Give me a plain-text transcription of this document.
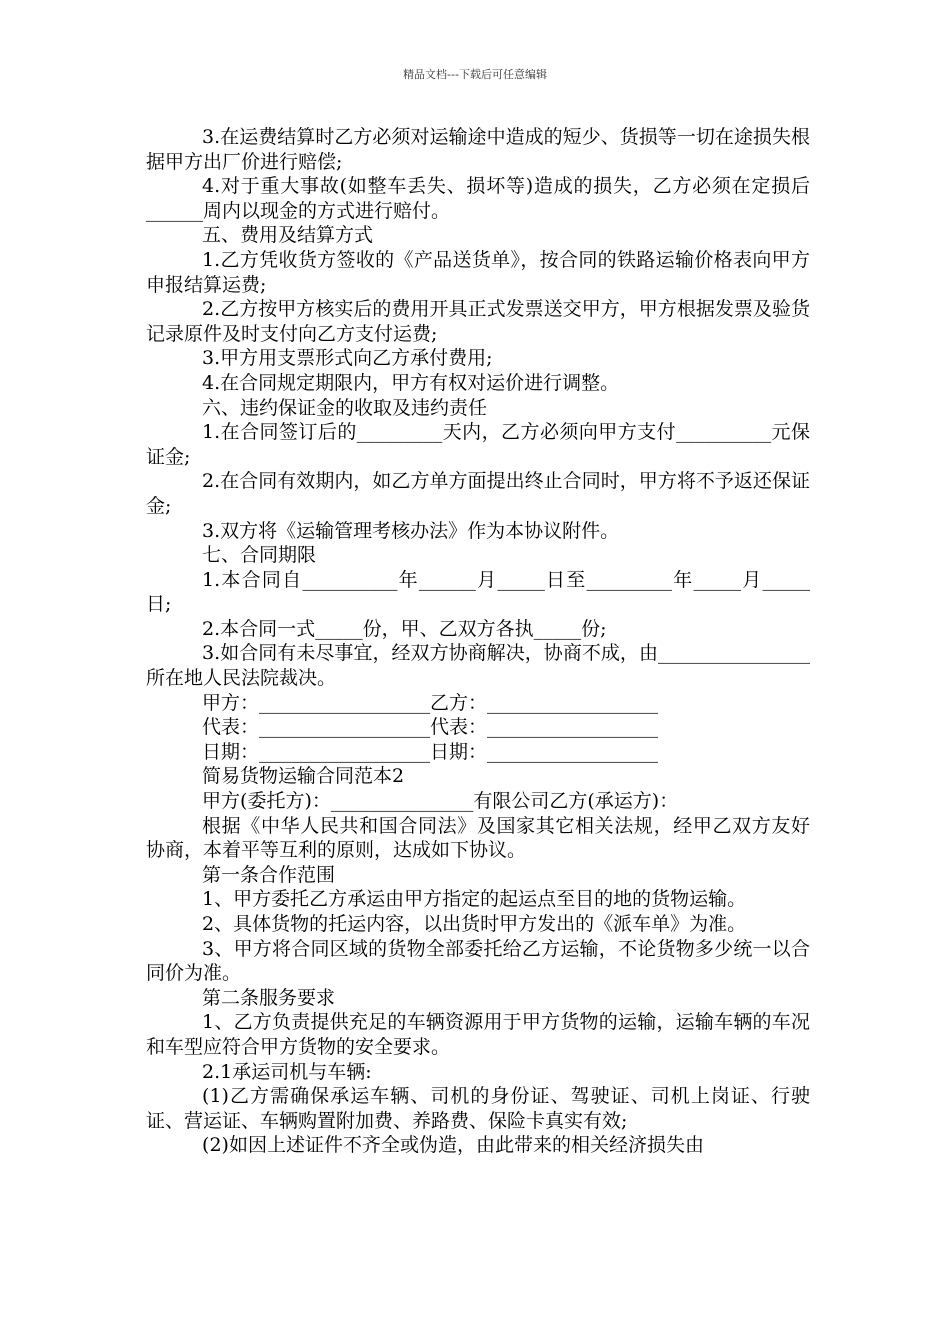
精品文档---下载后可任意编辑

3.在运费结算时乙方必须对运输途中造成的短少、货损等一切在途损失根据甲方出厂价进行赔偿;

4.对于重大事故(如整车丢失、损坏等)造成的损失，乙方必须在定损后______周内以现金的方式进行赔付。

五、费用及结算方式

1.乙方凭收货方签收的《产品送货单》，按合同的铁路运输价格表向甲方申报结算运费;

2.乙方按甲方核实后的费用开具正式发票送交甲方，甲方根据发票及验货记录原件及时支付向乙方支付运费;

3.甲方用支票形式向乙方承付费用;

4.在合同规定期限内，甲方有权对运价进行调整。

六、违约保证金的收取及违约责任

1.在合同签订后的_________天内，乙方必须向甲方支付__________元保证金;

2.在合同有效期内，如乙方单方面提出终止合同时，甲方将不予返还保证金;

3.双方将《运输管理考核办法》作为本协议附件。

七、合同期限

1.本合同自__________年______月_____日至_________年_____月_____日;

2.本合同一式_____份，甲、乙双方各执_____份;

3.如合同有未尽事宜，经双方协商解决，协商不成，由________________所在地人民法院裁决。

甲方：__________________乙方：__________________

代表：__________________代表：__________________

日期：__________________日期：__________________

简易货物运输合同范本2

甲方(委托方)：_______________有限公司乙方(承运方)：

根据《中华人民共和国合同法》及国家其它相关法规，经甲乙双方友好协商，本着平等互利的原则，达成如下协议。

第一条合作范围

1、甲方委托乙方承运由甲方指定的起运点至目的地的货物运输。

2、具体货物的托运内容，以出货时甲方发出的《派车单》为准。

3、甲方将合同区域的货物全部委托给乙方运输，不论货物多少统一以合同价为准。

第二条服务要求

1、乙方负责提供充足的车辆资源用于甲方货物的运输，运输车辆的车况和车型应符合甲方货物的安全要求。

2.1承运司机与车辆:

(1)乙方需确保承运车辆、司机的身份证、驾驶证、司机上岗证、行驶证、营运证、车辆购置附加费、养路费、保险卡真实有效;

(2)如因上述证件不齐全或伪造，由此带来的相关经济损失由
